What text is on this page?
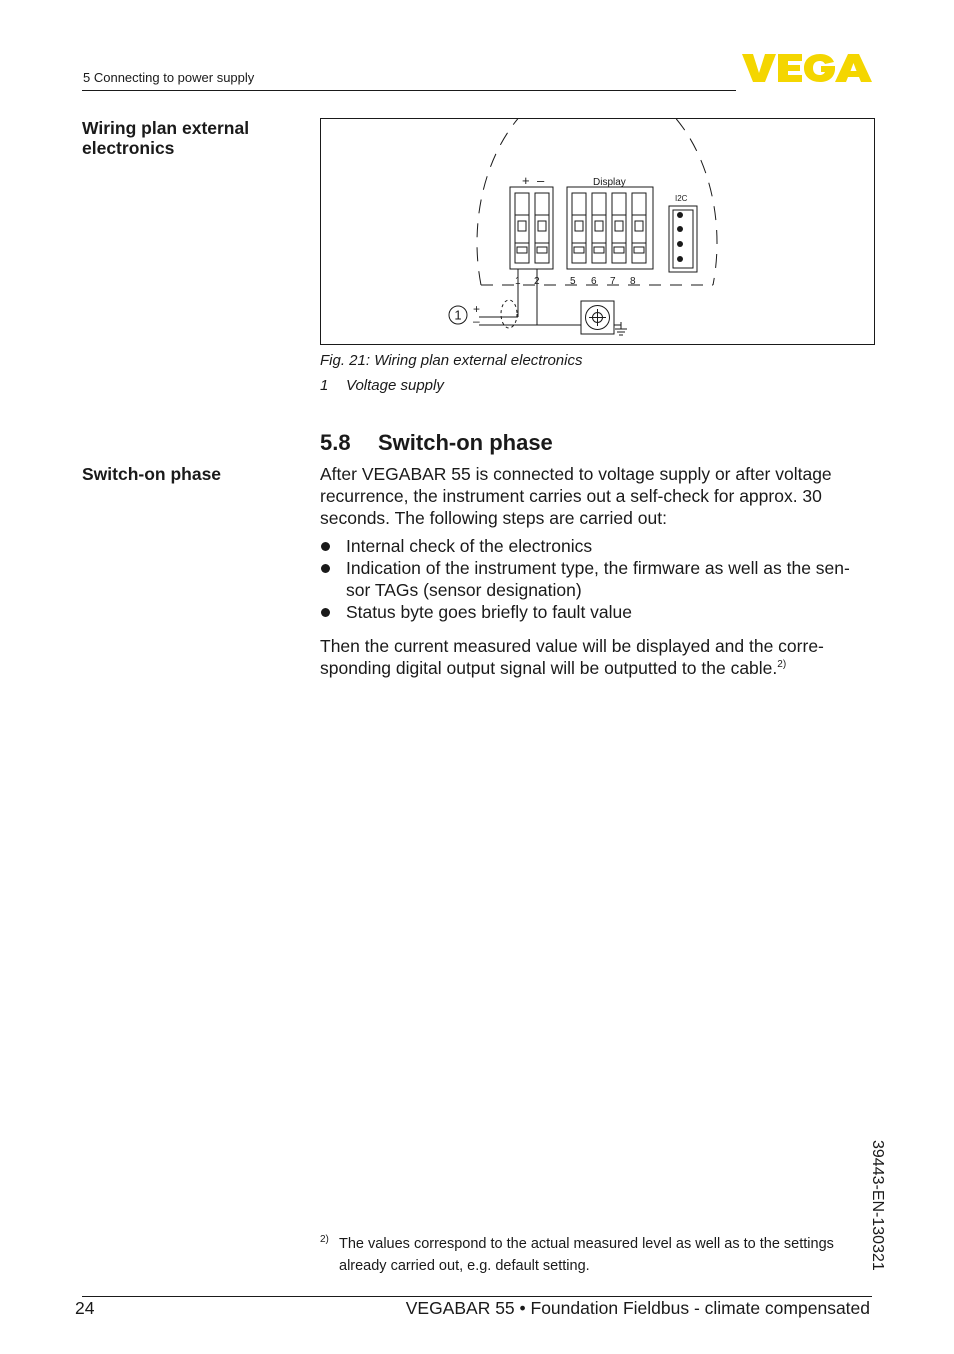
5 Connecting to power supply
Wiring plan external electronics
Switch-on phase
+ –	Display
I2C
1 2	5 6 7 8
+
–
1
Fig. 21: Wiring plan external electronics
1 Voltage supply
5.8 Switch-on phase
After VEGABAR 55 is connected to voltage supply or after voltage recurrence, the instrument carries out a self-check for approx. 30 seconds. The following steps are carried out:
Internal check of the electronics
Indication of the instrument type, the firmware as well as the sen-sor TAGs (sensor designation)
Status byte goes briefly to fault value
Then the current measured value will be displayed and the corre-sponding digital output signal will be outputted to the cable.$^{2)}$
2) The values correspond to the actual measured level as well as to the settings already carried out, e.g. default setting.	39443-EN-130321
24	VEGABAR 55 • Foundation Fieldbus - climate compensated
